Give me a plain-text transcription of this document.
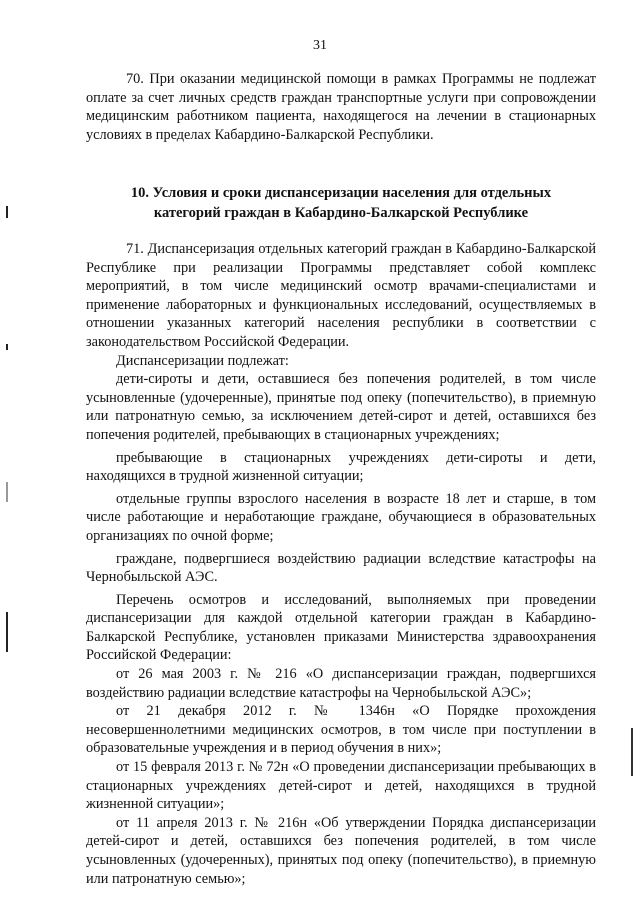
31

70. При оказании медицинской помощи в рамках Программы не подлежат оплате за счет личных средств граждан транспортные услуги при сопровождении медицинским работником пациента, находящегося на лечении в стационарных условиях в пределах Кабардино-Балкарской Республики.

10. Условия и сроки диспансеризации населения для отдельных
категорий граждан в Кабардино-Балкарской Республике

71. Диспансеризация отдельных категорий граждан в Кабардино-Балкарской Республике при реализации Программы представляет собой комплекс мероприятий, в том числе медицинский осмотр врачами-специалистами и применение лабораторных и функциональных исследований, осуществляемых в отношении указанных категорий населения республики в соответствии с законодательством Российской Федерации.

Диспансеризации подлежат:

дети-сироты и дети, оставшиеся без попечения родителей, в том числе усыновленные (удочеренные), принятые под опеку (попечительство), в приемную или патронатную семью, за исключением детей-сирот и детей, оставшихся без попечения родителей, пребывающих в стационарных учреждениях;

пребывающие в стационарных учреждениях дети-сироты и дети, находящихся в трудной жизненной ситуации;

отдельные группы взрослого населения в возрасте 18 лет и старше, в том числе работающие и неработающие граждане, обучающиеся в образовательных организациях по очной форме;

граждане, подвергшиеся воздействию радиации вследствие катастрофы на Чернобыльской АЭС.

Перечень осмотров и исследований, выполняемых при проведении диспансеризации для каждой отдельной категории граждан в Кабардино-Балкарской Республике, установлен приказами Министерства здравоохранения Российской Федерации:

от 26 мая 2003 г. № 216 «О диспансеризации граждан, подвергшихся воздействию радиации вследствие катастрофы на Чернобыльской АЭС»;

от 21 декабря 2012 г. № 1346н «О Порядке прохождения несовершеннолетними медицинских осмотров, в том числе при поступлении в образовательные учреждения и в период обучения в них»;

от 15 февраля 2013 г. № 72н «О проведении диспансеризации пребывающих в стационарных учреждениях детей-сирот и детей, находящихся в трудной жизненной ситуации»;

от 11 апреля 2013 г. № 216н «Об утверждении Порядка диспансеризации детей-сирот и детей, оставшихся без попечения родителей, в том числе усыновленных (удочеренных), принятых под опеку (попечительство), в приемную или патронатную семью»;
